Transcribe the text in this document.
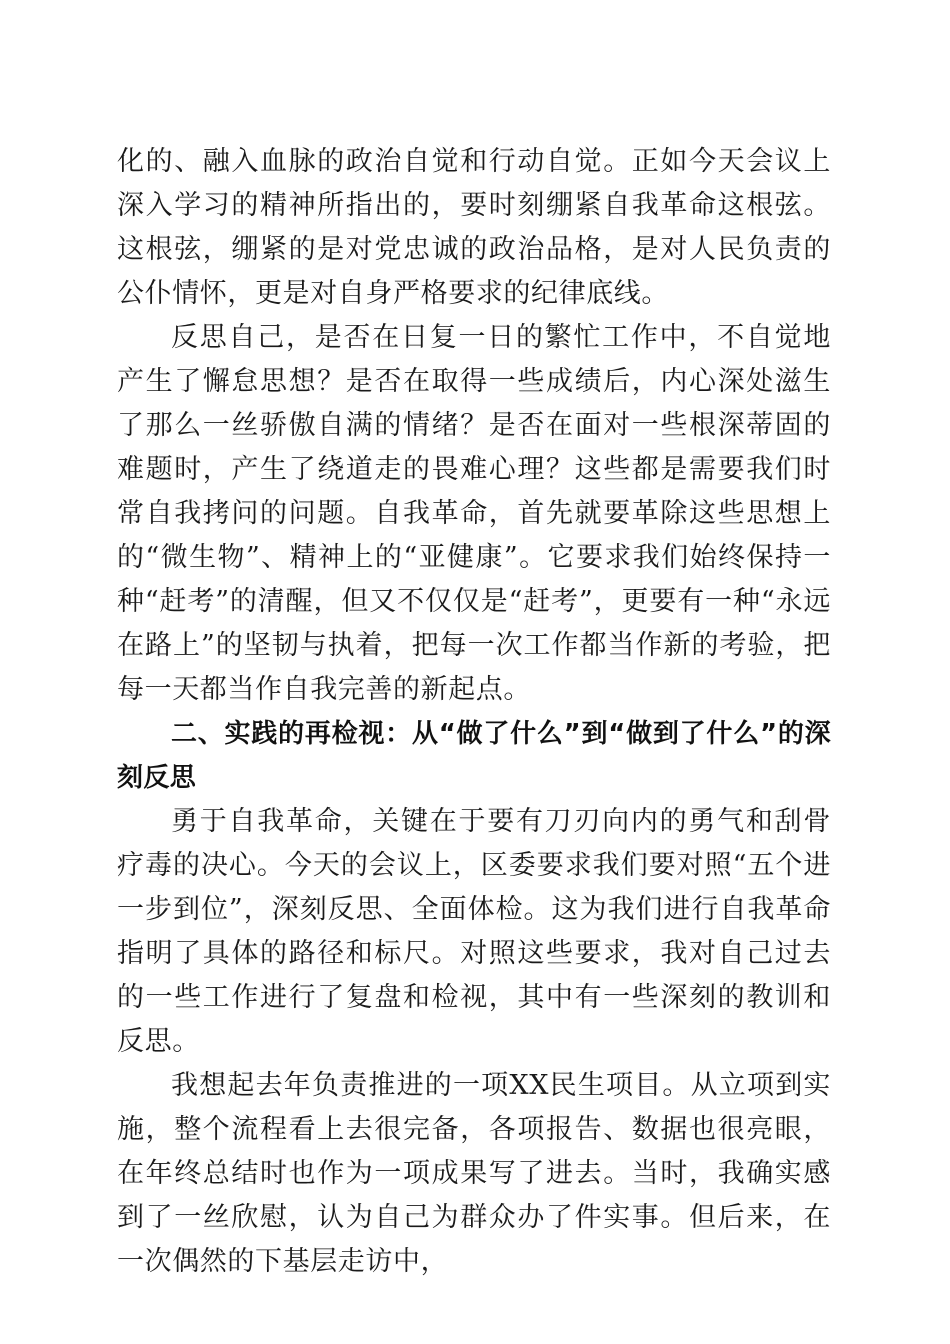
化的、融入血脉的政治自觉和行动自觉。正如今天会议上深入学习的精神所指出的，要时刻绷紧自我革命这根弦。这根弦，绷紧的是对党忠诚的政治品格，是对人民负责的公仆情怀，更是对自身严格要求的纪律底线。

反思自己，是否在日复一日的繁忙工作中，不自觉地产生了懈怠思想？是否在取得一些成绩后，内心深处滋生了那么一丝骄傲自满的情绪？是否在面对一些根深蒂固的难题时，产生了绕道走的畏难心理？这些都是需要我们时常自我拷问的问题。自我革命，首先就要革除这些思想上的“微生物”、精神上的“亚健康”。它要求我们始终保持一种“赶考”的清醒，但又不仅仅是“赶考”，更要有一种“永远在路上”的坚韧与执着，把每一次工作都当作新的考验，把每一天都当作自我完善的新起点。

二、实践的再检视：从“做了什么”到“做到了什么”的深刻反思

勇于自我革命，关键在于要有刀刃向内的勇气和刮骨疗毒的决心。今天的会议上，区委要求我们要对照“五个进一步到位”，深刻反思、全面体检。这为我们进行自我革命指明了具体的路径和标尺。对照这些要求，我对自己过去的一些工作进行了复盘和检视，其中有一些深刻的教训和反思。

我想起去年负责推进的一项XX民生项目。从立项到实施，整个流程看上去很完备，各项报告、数据也很亮眼，在年终总结时也作为一项成果写了进去。当时，我确实感到了一丝欣慰，认为自己为群众办了件实事。但后来，在一次偶然的下基层走访中，
